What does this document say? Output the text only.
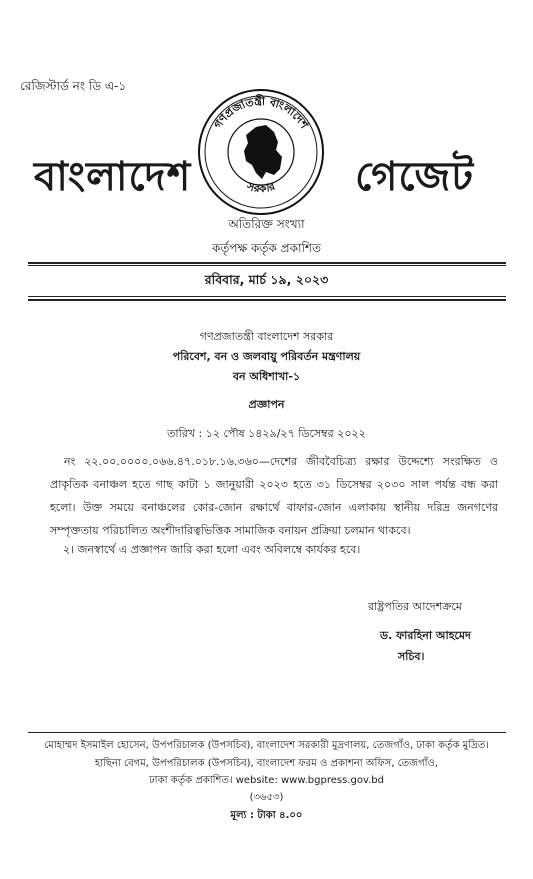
রেজিস্টার্ড নং ডি এ-১
বাংলাদেশ
গণপ্রজাতন্ত্রী বাংলাদেশ
সরকার গেজেট
অতিরিক্ত সংখ্যা
কর্তৃপক্ষ কর্তৃক প্রকাশিত
রবিবার, মার্চ ১৯, ২০২৩
গণপ্রজাতন্ত্রী বাংলাদেশ সরকার
পরিবেশ, বন ও জলবায়ু পরিবর্তন মন্ত্রণালয়
বন অধিশাখা-১
প্রজ্ঞাপন
তারিখ : ১২ পৌষ ১৪২৯/২৭ ডিসেম্বর ২০২২
নং ২২.০০.০০০০.০৬৬.৪৭.০১৮.১৬.৩৬০—দেশের জীববৈচিত্র্য রক্ষার উদ্দেশ্যে সংরক্ষিত ও প্রাকৃতিক বনাঞ্চল হতে গাছ কাটা ১ জানুয়ারী ২০২৩ হতে ৩১ ডিসেম্বর ২০৩০ সাল পর্যন্ত বন্ধ করা হলো। উক্ত সময়ে বনাঞ্চলের কোর-জোন রক্ষার্থে বাফার-জোন এলাকায় স্থানীয় দরিদ্র জনগণের সম্পৃক্ততায় পরিচালিত অংশীদারিত্বভিত্তিক সামাজিক বনায়ন প্রক্রিয়া চলমান থাকবে।
২। জনস্বার্থে এ প্রজ্ঞাপন জারি করা হলো এবং অবিলম্বে কার্যকর হবে।
রাষ্ট্রপতির আদেশক্রমে
ড. ফারহিনা আহমেদ
সচিব।
মোহাম্মদ ইসমাইল হোসেন, উপপরিচালক (উপসচিব), বাংলাদেশ সরকারী মুদ্রণালয়, তেজগাঁও, ঢাকা কর্তৃক মুদ্রিত।
হাছিনা বেগম, উপপরিচালক (উপসচিব), বাংলাদেশ ফরম ও প্রকাশনা অফিস, তেজগাঁও,
ঢাকা কর্তৃক প্রকাশিত। website: www.bgpress.gov.bd
(৩৬৫৩)
মূল্য : টাকা ৪.০০
